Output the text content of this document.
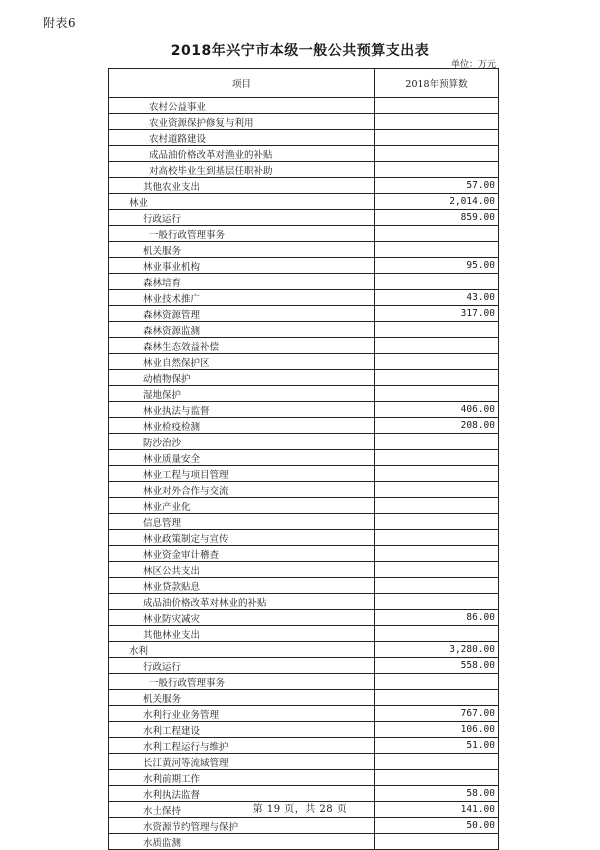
附表6
2018年兴宁市本级一般公共预算支出表
单位：万元
项目	2018年预算数
农村公益事业	
农业资源保护修复与利用	
农村道路建设	
成品油价格改革对渔业的补贴	
对高校毕业生到基层任职补助	
其他农业支出	57.00
林业	2,014.00
行政运行	859.00
一般行政管理事务	
机关服务	
林业事业机构	95.00
森林培育	
林业技术推广	43.00
森林资源管理	317.00
森林资源监测	
森林生态效益补偿	
林业自然保护区	
动植物保护	
湿地保护	
林业执法与监督	406.00
林业检疫检测	208.00
防沙治沙	
林业质量安全	
林业工程与项目管理	
林业对外合作与交流	
林业产业化	
信息管理	
林业政策制定与宣传	
林业资金审计稽查	
林区公共支出	
林业贷款贴息	
成品油价格改革对林业的补贴	
林业防灾减灾	86.00
其他林业支出	
水利	3,280.00
行政运行	558.00
一般行政管理事务	
机关服务	
水利行业业务管理	767.00
水利工程建设	106.00
水利工程运行与维护	51.00
长江黄河等流域管理	
水利前期工作	
水利执法监督	58.00
水土保持	141.00
水资源节约管理与保护	50.00
水质监测	
第 19 页，共 28 页
